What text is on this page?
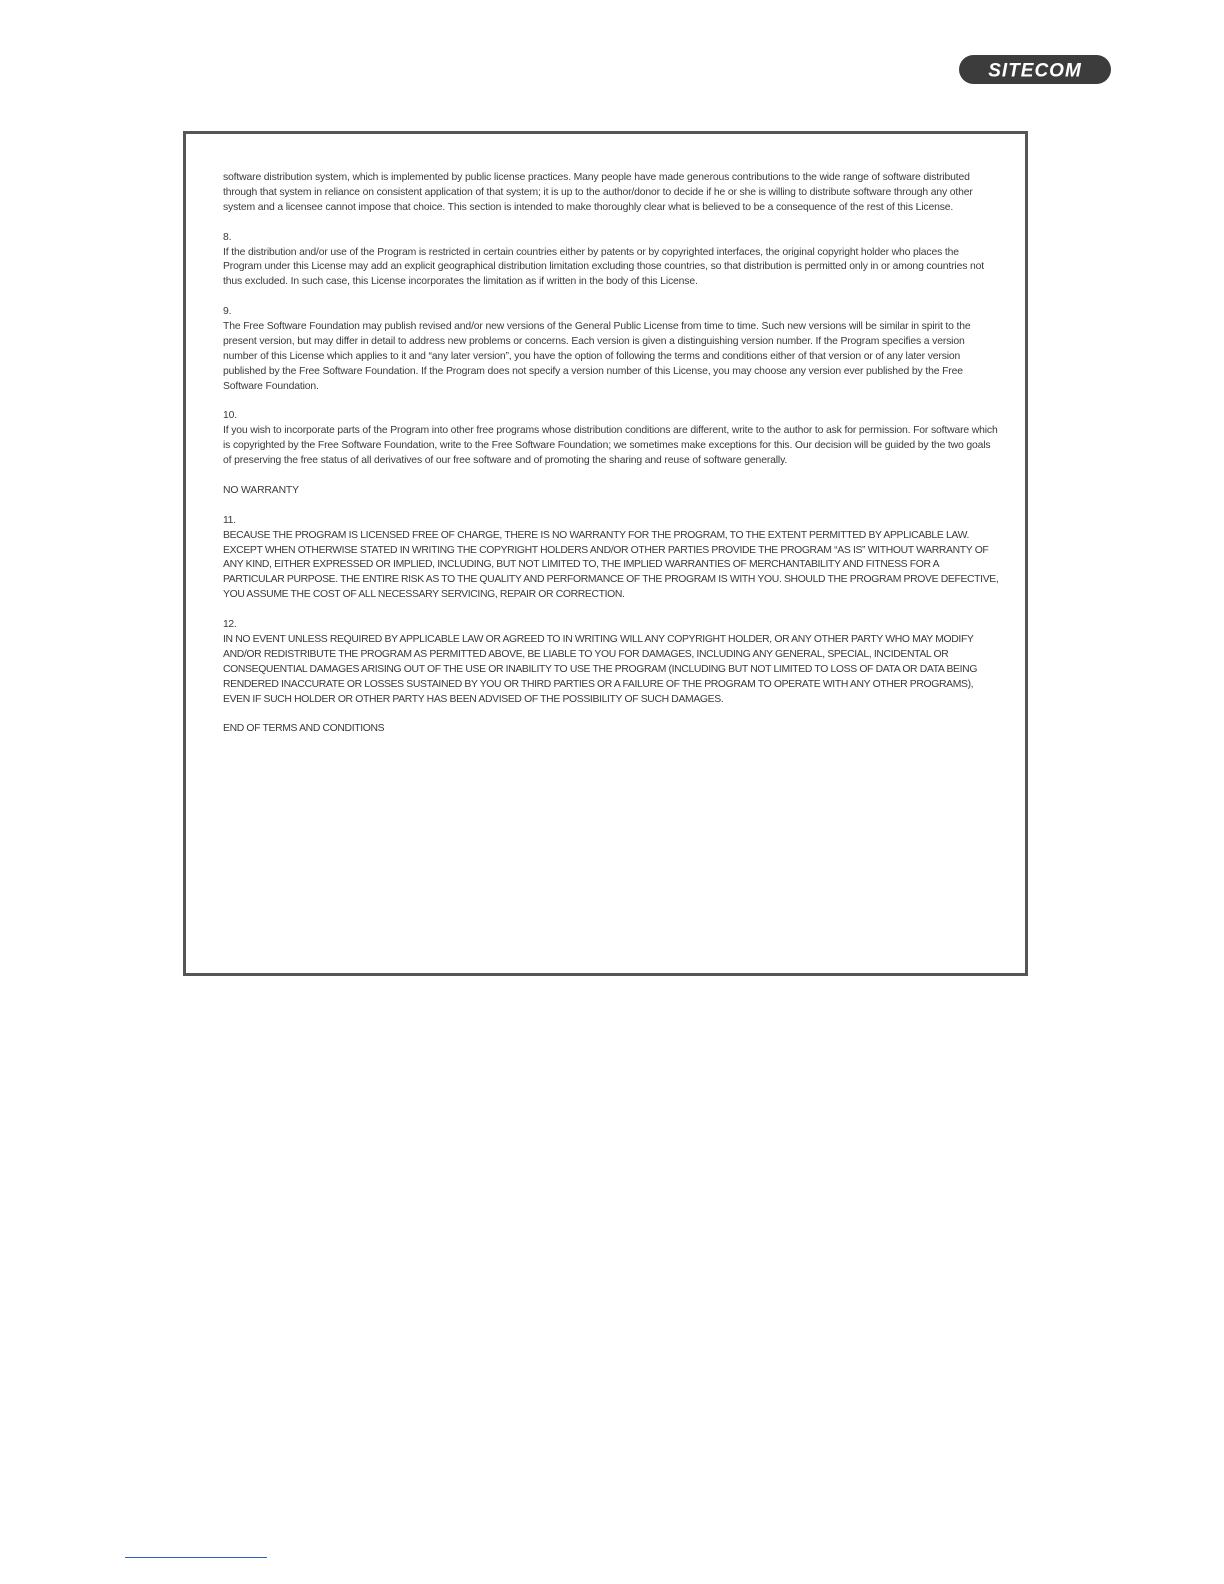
SITECOM
software distribution system, which is implemented by public license practices. Many people have made generous contributions to the wide range of software distributed through that system in reliance on consistent application of that system; it is up to the author/donor to decide if he or she is willing to distribute software through any other system and a licensee cannot impose that choice. This section is intended to make thoroughly clear what is believed to be a consequence of the rest of this License.
8.
If the distribution and/or use of the Program is restricted in certain countries either by patents or by copyrighted interfaces, the original copyright holder who places the Program under this License may add an explicit geographical distribution limitation excluding those countries, so that distribution is permitted only in or among countries not thus excluded. In such case, this License incorporates the limitation as if written in the body of this License.
9.
The Free Software Foundation may publish revised and/or new versions of the General Public License from time to time. Such new versions will be similar in spirit to the present version, but may differ in detail to address new problems or concerns. Each version is given a distinguishing version number. If the Program specifies a version number of this License which applies to it and “any later version”, you have the option of following the terms and conditions either of that version or of any later version published by the Free Software Foundation. If the Program does not specify a version number of this License, you may choose any version ever published by the Free Software Foundation.
10.
If you wish to incorporate parts of the Program into other free programs whose distribution conditions are different, write to the author to ask for permission. For software which is copyrighted by the Free Software Foundation, write to the Free Software Foundation; we sometimes make exceptions for this. Our decision will be guided by the two goals of preserving the free status of all derivatives of our free software and of promoting the sharing and reuse of software generally.
NO WARRANTY
11.
BECAUSE THE PROGRAM IS LICENSED FREE OF CHARGE, THERE IS NO WARRANTY FOR THE PROGRAM, TO THE EXTENT PERMITTED BY APPLICABLE LAW. EXCEPT WHEN OTHERWISE STATED IN WRITING THE COPYRIGHT HOLDERS AND/OR OTHER PARTIES PROVIDE THE PROGRAM “AS IS” WITHOUT WARRANTY OF ANY KIND, EITHER EXPRESSED OR IMPLIED, INCLUDING, BUT NOT LIMITED TO, THE IMPLIED WARRANTIES OF MERCHANTABILITY AND FITNESS FOR A PARTICULAR PURPOSE. THE ENTIRE RISK AS TO THE QUALITY AND PERFORMANCE OF THE PROGRAM IS WITH YOU. SHOULD THE PROGRAM PROVE DEFECTIVE, YOU ASSUME THE COST OF ALL NECESSARY SERVICING, REPAIR OR CORRECTION.
12.
IN NO EVENT UNLESS REQUIRED BY APPLICABLE LAW OR AGREED TO IN WRITING WILL ANY COPYRIGHT HOLDER, OR ANY OTHER PARTY WHO MAY MODIFY AND/OR REDISTRIBUTE THE PROGRAM AS PERMITTED ABOVE, BE LIABLE TO YOU FOR DAMAGES, INCLUDING ANY GENERAL, SPECIAL, INCIDENTAL OR CONSEQUENTIAL DAMAGES ARISING OUT OF THE USE OR INABILITY TO USE THE PROGRAM (INCLUDING BUT NOT LIMITED TO LOSS OF DATA OR DATA BEING RENDERED INACCURATE OR LOSSES SUSTAINED BY YOU OR THIRD PARTIES OR A FAILURE OF THE PROGRAM TO OPERATE WITH ANY OTHER PROGRAMS), EVEN IF SUCH HOLDER OR OTHER PARTY HAS BEEN ADVISED OF THE POSSIBILITY OF SUCH DAMAGES.
END OF TERMS AND CONDITIONS
